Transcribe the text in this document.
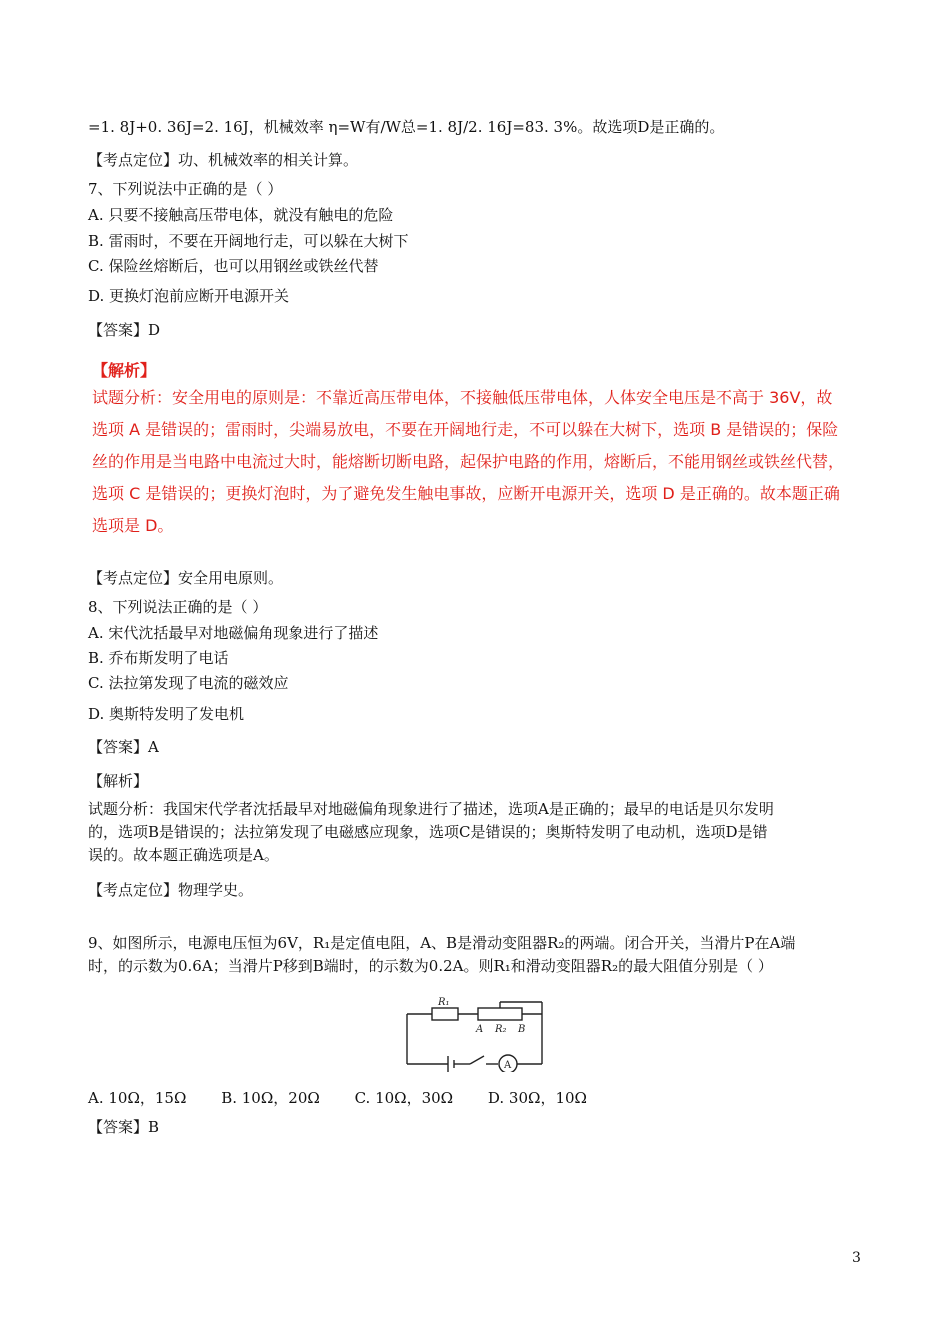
=1. 8J+0. 36J=2. 16J，机械效率 η=W有/W总=1. 8J/2. 16J=83. 3%。故选项D是正确的。
【考点定位】功、机械效率的相关计算。
7、下列说法中正确的是（ ）
A. 只要不接触高压带电体，就没有触电的危险
B. 雷雨时，不要在开阔地行走，可以躲在大树下
C. 保险丝熔断后，也可以用钢丝或铁丝代替
D. 更换灯泡前应断开电源开关
【答案】D
【解析】
试题分析：安全用电的原则是：不靠近高压带电体，不接触低压带电体，人体安全电压是不高于 36V，故
选项 A 是错误的；雷雨时，尖端易放电，不要在开阔地行走，不可以躲在大树下，选项 B 是错误的；保险
丝的作用是当电路中电流过大时，能熔断切断电路，起保护电路的作用，熔断后，不能用钢丝或铁丝代替，
选项 C 是错误的；更换灯泡时，为了避免发生触电事故，应断开电源开关，选项 D 是正确的。故本题正确
选项是 D。
【考点定位】安全用电原则。
8、下列说法正确的是（ ）
A. 宋代沈括最早对地磁偏角现象进行了描述
B. 乔布斯发明了电话
C. 法拉第发现了电流的磁效应
D. 奥斯特发明了发电机
【答案】A
【解析】
试题分析：我国宋代学者沈括最早对地磁偏角现象进行了描述，选项A是正确的；最早的电话是贝尔发明
的，选项B是错误的；法拉第发现了电磁感应现象，选项C是错误的；奥斯特发明了电动机，选项D是错
误的。故本题正确选项是A。
【考点定位】物理学史。
9、如图所示，电源电压恒为6V，R₁是定值电阻，A、B是滑动变阻器R₂的两端。闭合开关，当滑片P在A端
时，的示数为0.6A；当滑片P移到B端时，的示数为0.2A。则R₁和滑动变阻器R₂的最大阻值分别是（ ）
R₁
A R₂ B
A
A. 10Ω，15Ω B. 10Ω，20Ω C. 10Ω，30Ω D. 30Ω，10Ω
【答案】B
3
